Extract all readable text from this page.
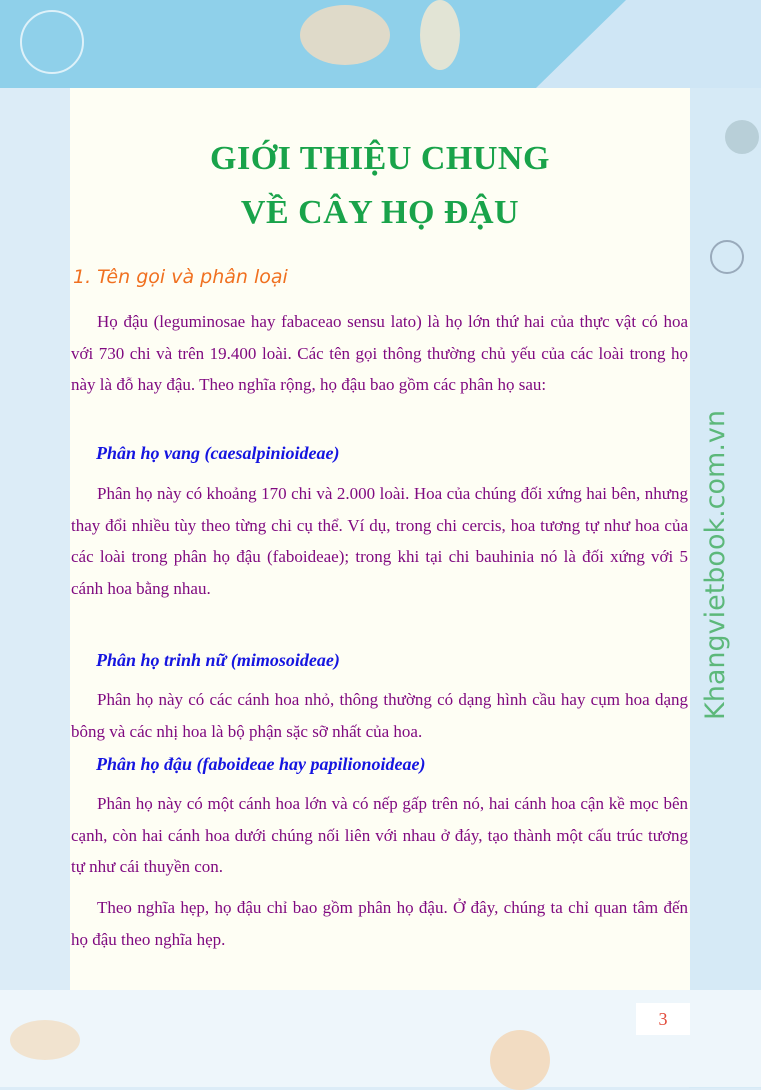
GIỚI THIỆU CHUNG
VỀ CÂY HỌ ĐẬU
1. Tên gọi và phân loại

Họ đậu (leguminosae hay fabaceao sensu lato) là họ lớn thứ hai của thực vật có hoa với 730 chi và trên 19.400 loài. Các tên gọi thông thường chủ yếu của các loài trong họ này là đỗ hay đậu. Theo nghĩa rộng, họ đậu bao gồm các phân họ sau:

Phân họ vang (caesalpinioideae)

Phân họ này có khoảng 170 chi và 2.000 loài. Hoa của chúng đối xứng hai bên, nhưng thay đổi nhiều tùy theo từng chi cụ thể. Ví dụ, trong chi cercis, hoa tương tự như hoa của các loài trong phân họ đậu (faboideae); trong khi tại chi bauhinia nó là đối xứng với 5 cánh hoa bằng nhau.

Phân họ trinh nữ (mimosoideae)

Phân họ này có các cánh hoa nhỏ, thông thường có dạng hình cầu hay cụm hoa dạng bông và các nhị hoa là bộ phận sặc sỡ nhất của hoa.

Phân họ đậu (faboideae hay papilionoideae)

Phân họ này có một cánh hoa lớn và có nếp gấp trên nó, hai cánh hoa cận kề mọc bên cạnh, còn hai cánh hoa dưới chúng nối liên với nhau ở đáy, tạo thành một cấu trúc tương tự như cái thuyền con.

Theo nghĩa hẹp, họ đậu chỉ bao gồm phân họ đậu. Ở đây, chúng ta chỉ quan tâm đến họ đậu theo nghĩa hẹp.

Khangvietbook.com.vn
3
